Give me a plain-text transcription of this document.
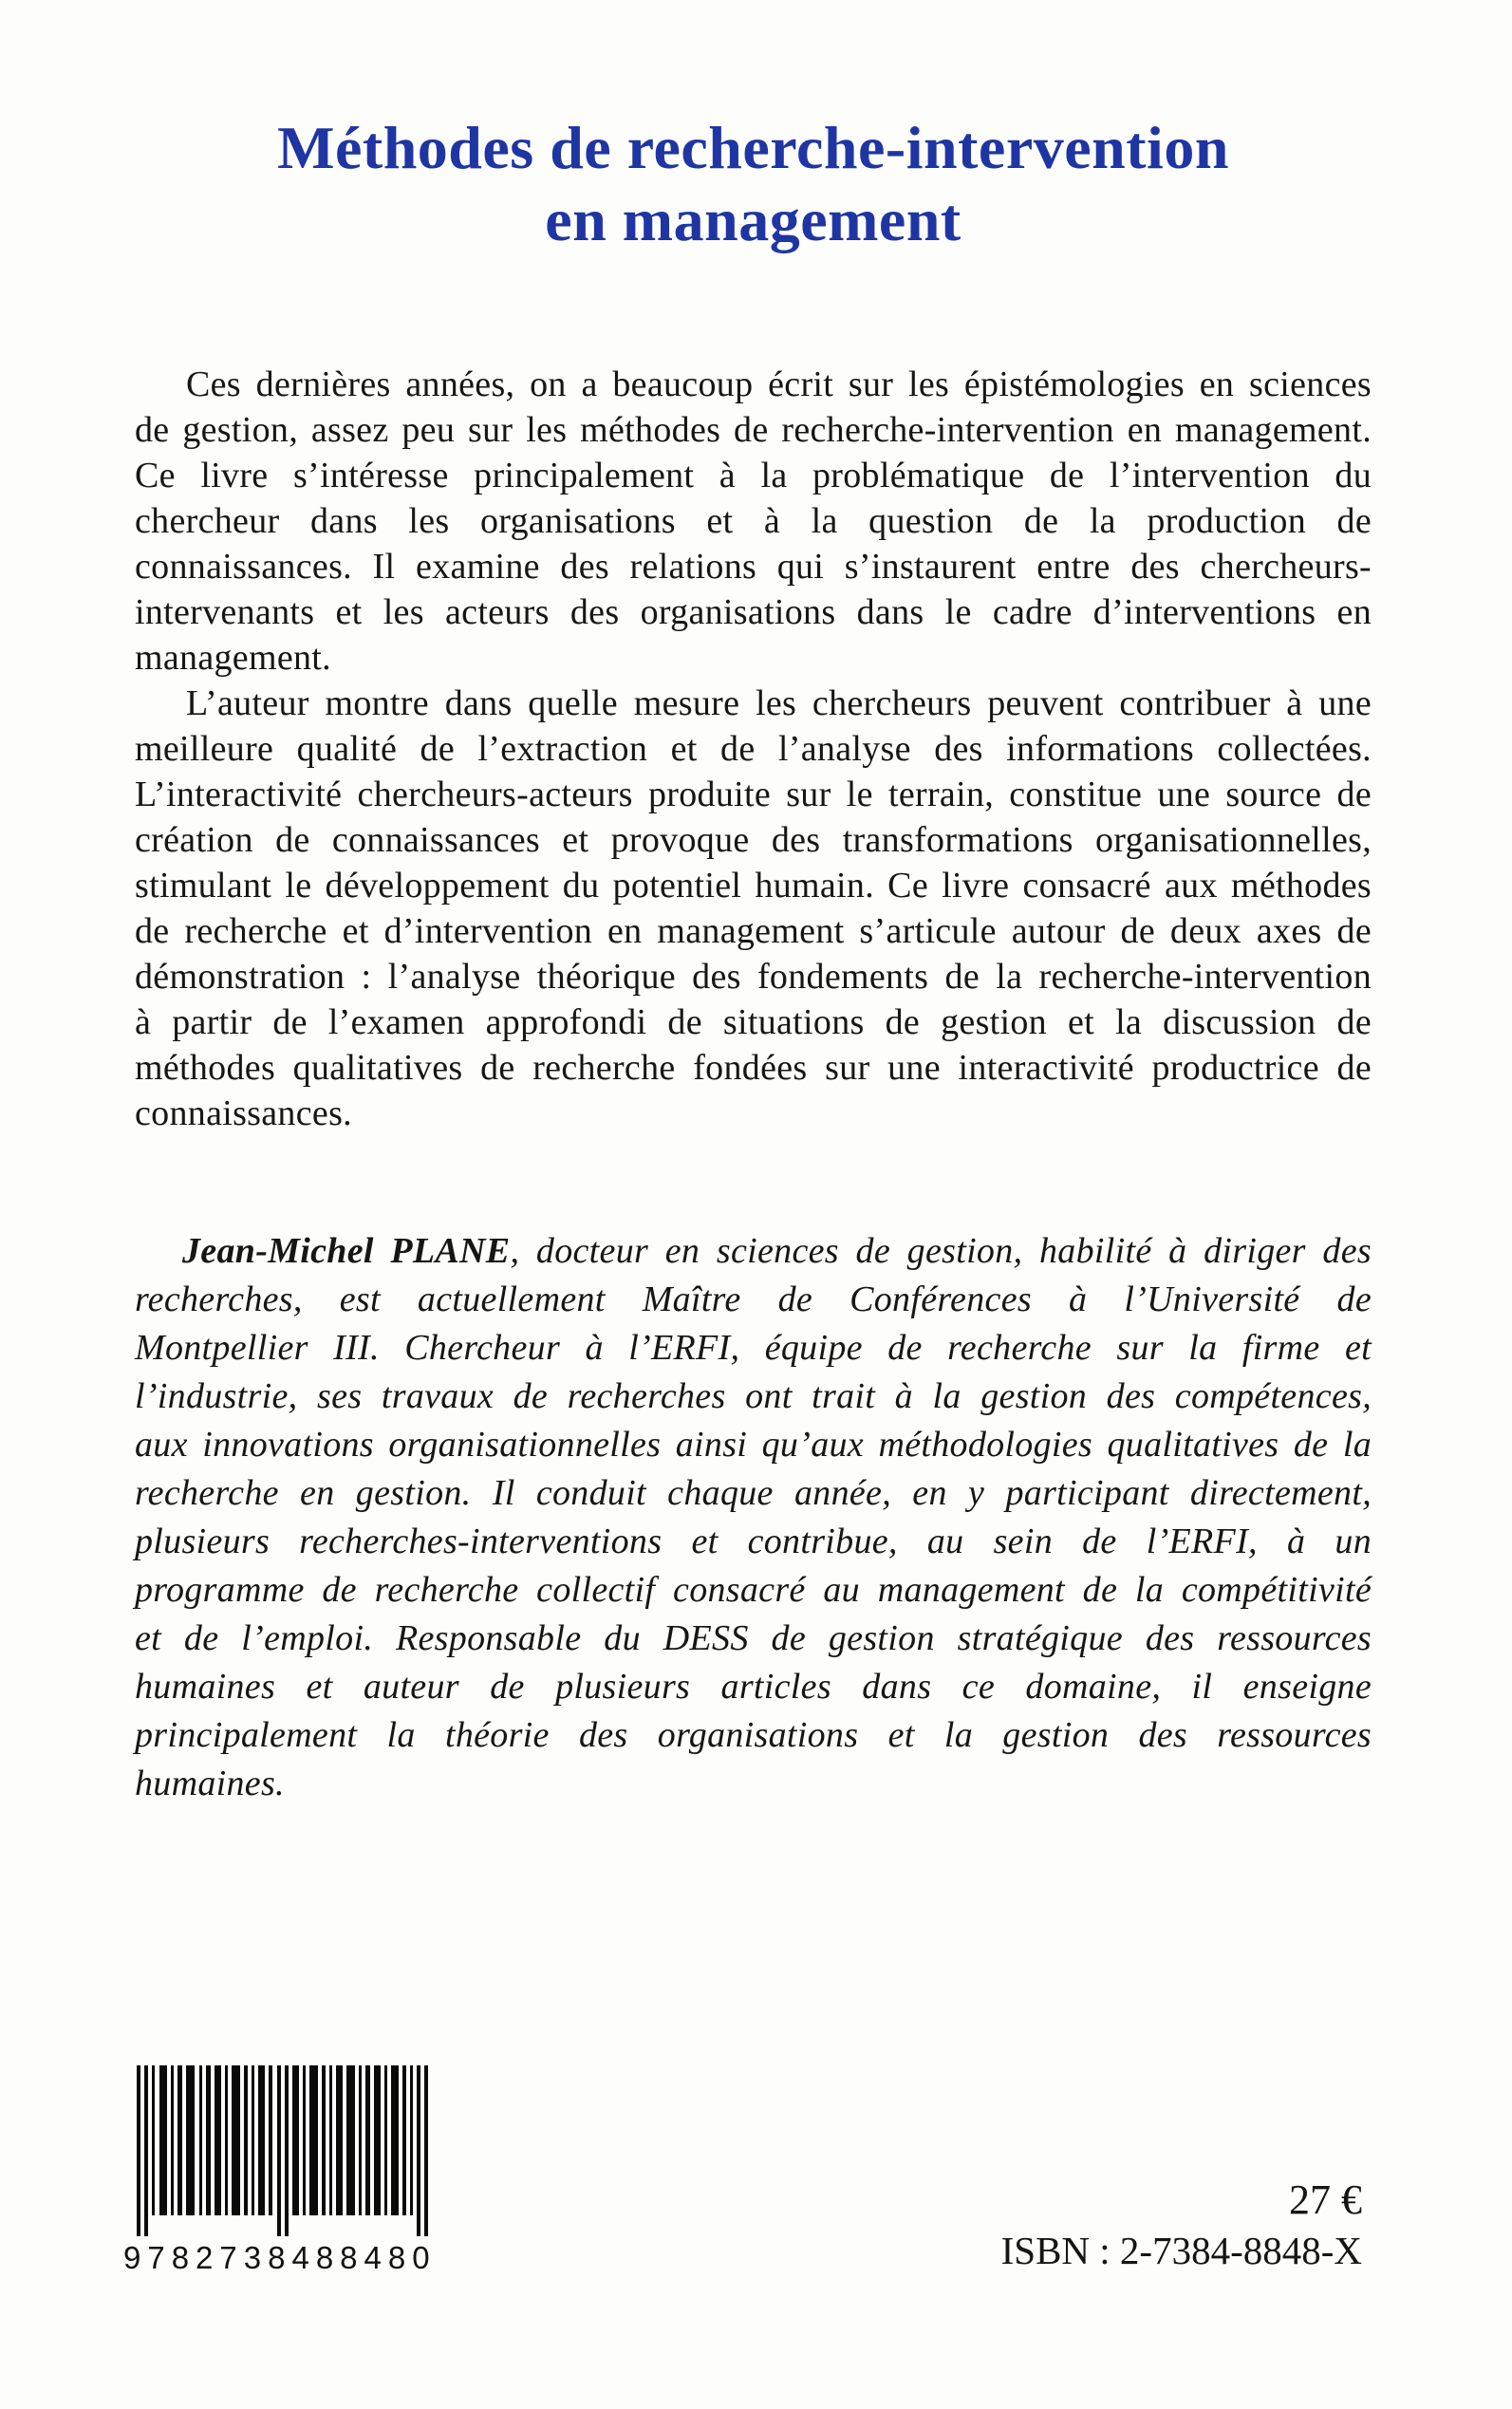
Méthodes de recherche-intervention
en management

Ces dernières années, on a beaucoup écrit sur les épistémologies en sciences de gestion, assez peu sur les méthodes de recherche-intervention en management. Ce livre s’intéresse principalement à la problématique de l’intervention du chercheur dans les organisations et à la question de la production de connaissances. Il examine des relations qui s’instaurent entre des chercheurs-intervenants et les acteurs des organisations dans le cadre d’interventions en management.

L’auteur montre dans quelle mesure les chercheurs peuvent contribuer à une meilleure qualité de l’extraction et de l’analyse des informations collectées. L’interactivité chercheurs-acteurs produite sur le terrain, constitue une source de création de connaissances et provoque des transformations organisationnelles, stimulant le développement du potentiel humain. Ce livre consacré aux méthodes de recherche et d’intervention en management s’articule autour de deux axes de démonstration : l’analyse théorique des fondements de la recherche-intervention à partir de l’examen approfondi de situations de gestion et la discussion de méthodes qualitatives de recherche fondées sur une interactivité productrice de connaissances.

Jean-Michel PLANE, docteur en sciences de gestion, habilité à diriger des recherches, est actuellement Maître de Conférences à l’Université de Montpellier III. Chercheur à l’ERFI, équipe de recherche sur la firme et l’industrie, ses travaux de recherches ont trait à la gestion des compétences, aux innovations organisationnelles ainsi qu’aux méthodologies qualitatives de la recherche en gestion. Il conduit chaque année, en y participant directement, plusieurs recherches-interventions et contribue, au sein de l’ERFI, à un programme de recherche collectif consacré au management de la compétitivité et de l’emploi. Responsable du DESS de gestion stratégique des ressources humaines et auteur de plusieurs articles dans ce domaine, il enseigne principalement la théorie des organisations et la gestion des ressources humaines.

9782738488480
27 €
ISBN : 2-7384-8848-X
